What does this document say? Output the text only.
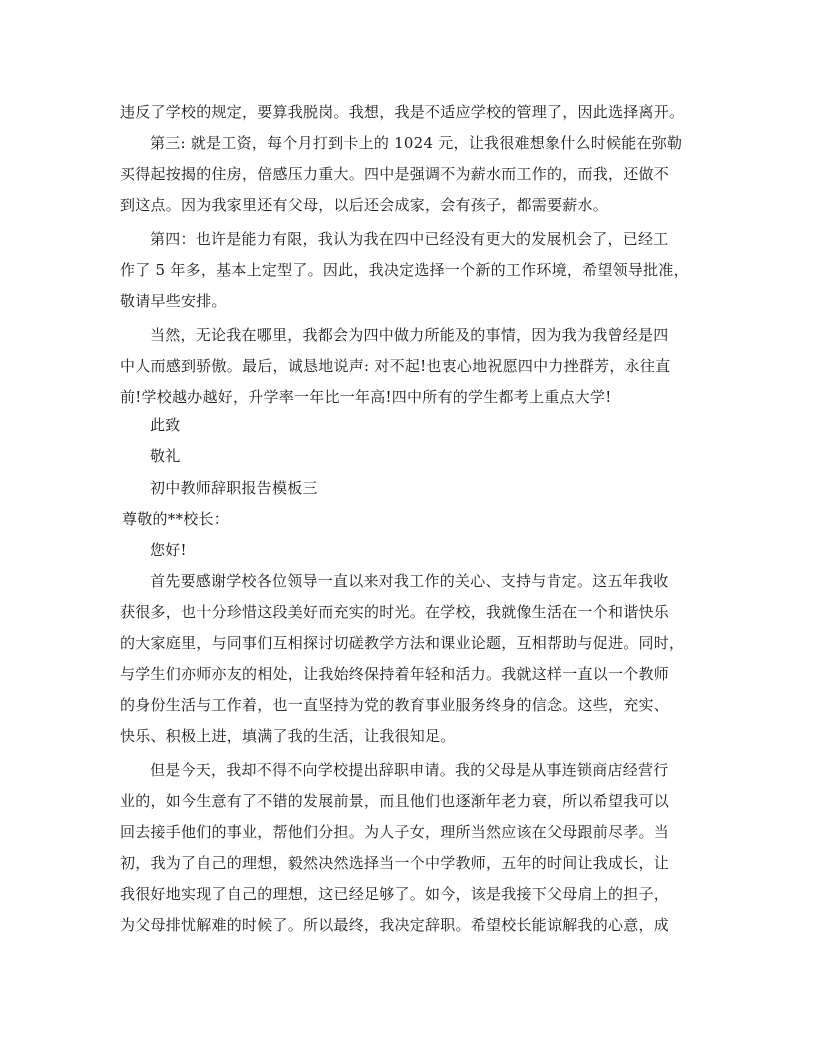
违反了学校的规定，要算我脱岗。我想，我是不适应学校的管理了，因此选择离开。
第三: 就是工资，每个月打到卡上的 1024 元，让我很难想象什么时候能在弥勒
买得起按揭的住房，倍感压力重大。四中是强调不为薪水而工作的，而我，还做不
到这点。因为我家里还有父母，以后还会成家，会有孩子，都需要薪水。
第四：也许是能力有限，我认为我在四中已经没有更大的发展机会了，已经工
作了 5 年多，基本上定型了。因此，我决定选择一个新的工作环境，希望领导批准，
敬请早些安排。
当然，无论我在哪里，我都会为四中做力所能及的事情，因为我为我曾经是四
中人而感到骄傲。最后，诚恳地说声: 对不起!也衷心地祝愿四中力挫群芳，永往直
前!学校越办越好，升学率一年比一年高!四中所有的学生都考上重点大学!
此致
敬礼
初中教师辞职报告模板三
尊敬的**校长：
您好!
首先要感谢学校各位领导一直以来对我工作的关心、支持与肯定。这五年我收
获很多，也十分珍惜这段美好而充实的时光。在学校，我就像生活在一个和谐快乐
的大家庭里，与同事们互相探讨切磋教学方法和课业论题，互相帮助与促进。同时，
与学生们亦师亦友的相处，让我始终保持着年轻和活力。我就这样一直以一个教师
的身份生活与工作着，也一直坚持为党的教育事业服务终身的信念。这些，充实、
快乐、积极上进，填满了我的生活，让我很知足。
但是今天，我却不得不向学校提出辞职申请。我的父母是从事连锁商店经营行
业的，如今生意有了不错的发展前景，而且他们也逐渐年老力衰，所以希望我可以
回去接手他们的事业，帮他们分担。为人子女，理所当然应该在父母跟前尽孝。当
初，我为了自己的理想，毅然决然选择当一个中学教师，五年的时间让我成长，让
我很好地实现了自己的理想，这已经足够了。如今，该是我接下父母肩上的担子，
为父母排忧解难的时候了。所以最终，我决定辞职。希望校长能谅解我的心意，成
